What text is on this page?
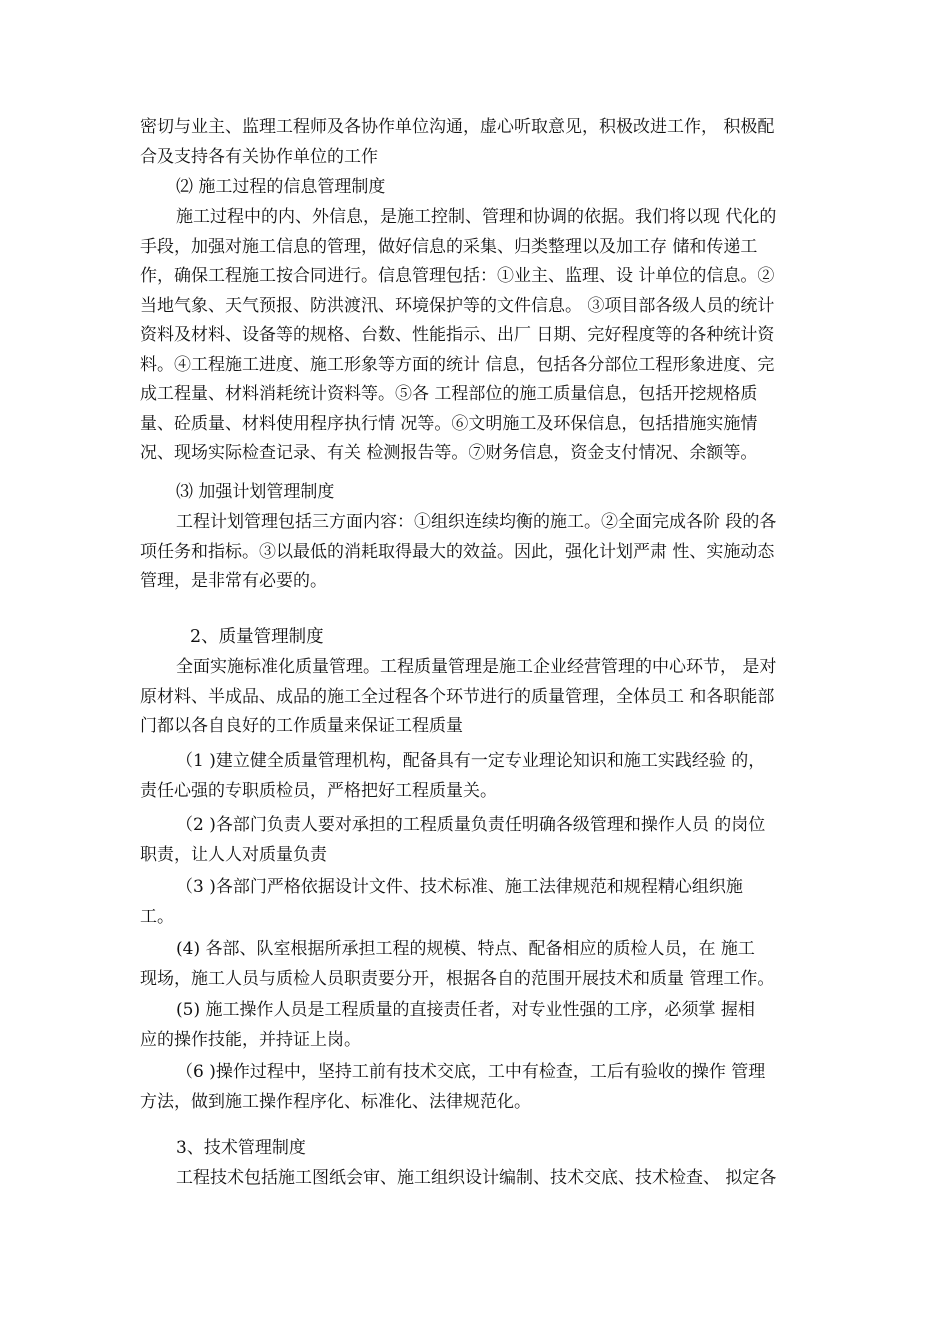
密切与业主、监理工程师及各协作单位沟通，虚心听取意见，积极改进工作， 积极配
合及支持各有关协作单位的工作
⑵ 施工过程的信息管理制度
施工过程中的内、外信息，是施工控制、管理和协调的依据。我们将以现 代化的
手段，加强对施工信息的管理，做好信息的采集、归类整理以及加工存 储和传递工
作，确保工程施工按合同进行。信息管理包括：①业主、监理、设 计单位的信息。②
当地气象、天气预报、防洪渡汛、环境保护等的文件信息。 ③项目部各级人员的统计
资料及材料、设备等的规格、台数、性能指示、出厂 日期、完好程度等的各种统计资
料。④工程施工进度、施工形象等方面的统计 信息，包括各分部位工程形象进度、完
成工程量、材料消耗统计资料等。⑤各 工程部位的施工质量信息，包括开挖规格质
量、砼质量、材料使用程序执行情 况等。⑥文明施工及环保信息，包括措施实施情
况、现场实际检查记录、有关 检测报告等。⑦财务信息，资金支付情况、余额等。
⑶ 加强计划管理制度
工程计划管理包括三方面内容：①组织连续均衡的施工。②全面完成各阶 段的各
项任务和指标。③以最低的消耗取得最大的效益。因此，强化计划严肃 性、实施动态
管理，是非常有必要的。
2、质量管理制度
全面实施标准化质量管理。工程质量管理是施工企业经营管理的中心环节， 是对
原材料、半成品、成品的施工全过程各个环节进行的质量管理，全体员工 和各职能部
门都以各自良好的工作质量来保证工程质量
（1 )建立健全质量管理机构，配备具有一定专业理论知识和施工实践经验 的，
责任心强的专职质检员，严格把好工程质量关。
（2 )各部门负责人要对承担的工程质量负责任明确各级管理和操作人员 的岗位
职责，让人人对质量负责
（3 )各部门严格依据设计文件、技术标准、施工法律规范和规程精心组织施
工。
(4) 各部、队室根据所承担工程的规模、特点、配备相应的质检人员，在 施工
现场，施工人员与质检人员职责要分开，根据各自的范围开展技术和质量 管理工作。
(5) 施工操作人员是工程质量的直接责任者，对专业性强的工序，必须掌 握相
应的操作技能，并持证上岗。
（6 )操作过程中，坚持工前有技术交底，工中有检查，工后有验收的操作 管理
方法，做到施工操作程序化、标准化、法律规范化。
3、技术管理制度
工程技术包括施工图纸会审、施工组织设计编制、技术交底、技术检查、 拟定各
